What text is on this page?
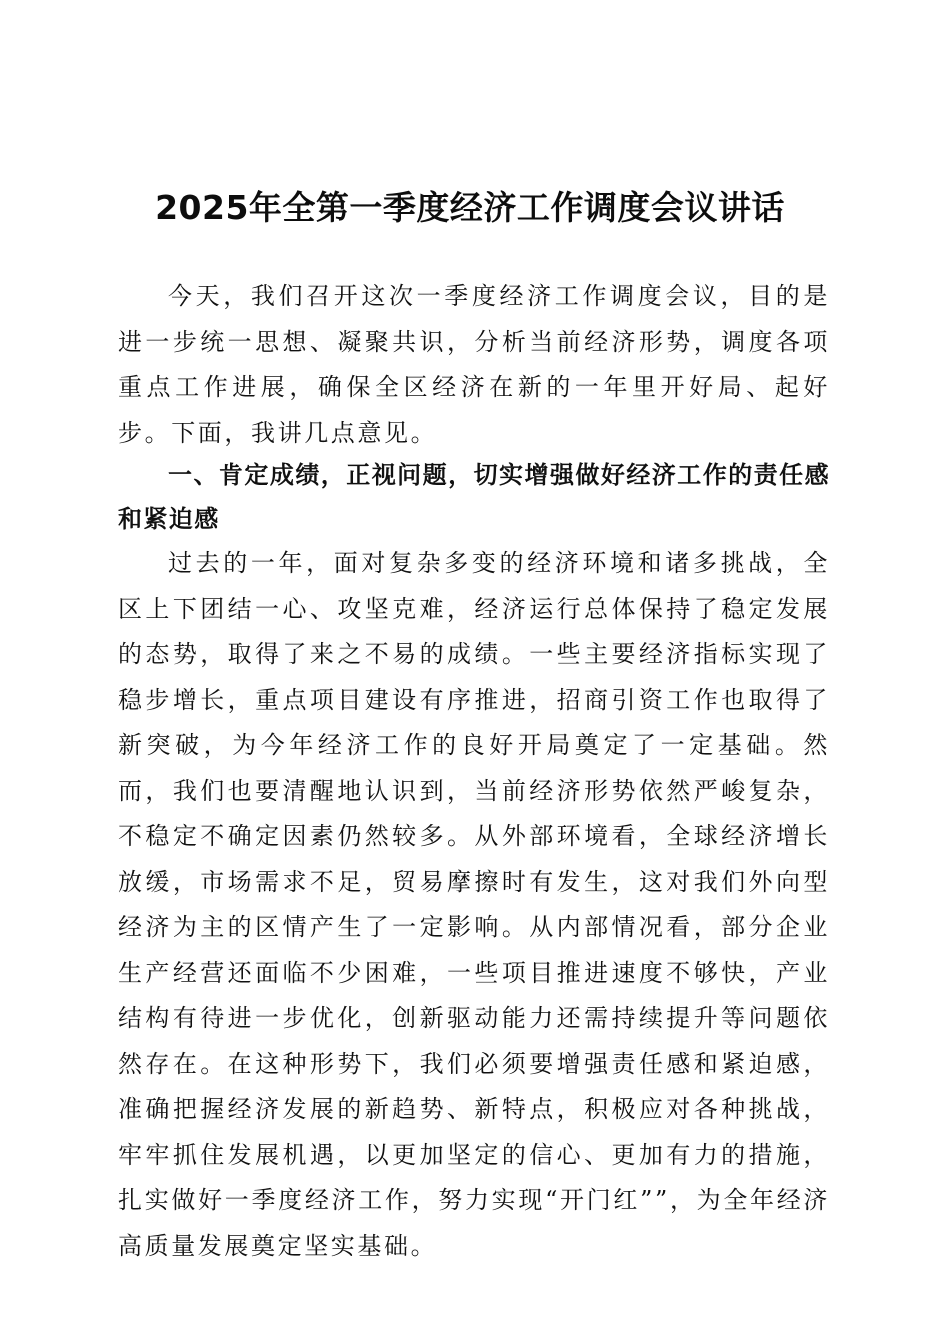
2025年全第一季度经济工作调度会议讲话

今天，我们召开这次一季度经济工作调度会议，目的是进一步统一思想、凝聚共识，分析当前经济形势，调度各项重点工作进展，确保全区经济在新的一年里开好局、起好步。下面，我讲几点意见。

一、肯定成绩，正视问题，切实增强做好经济工作的责任感和紧迫感

过去的一年，面对复杂多变的经济环境和诸多挑战，全区上下团结一心、攻坚克难，经济运行总体保持了稳定发展的态势，取得了来之不易的成绩。一些主要经济指标实现了稳步增长，重点项目建设有序推进，招商引资工作也取得了新突破，为今年经济工作的良好开局奠定了一定基础。然而，我们也要清醒地认识到，当前经济形势依然严峻复杂，不稳定不确定因素仍然较多。从外部环境看，全球经济增长放缓，市场需求不足，贸易摩擦时有发生，这对我们外向型经济为主的区情产生了一定影响。从内部情况看，部分企业生产经营还面临不少困难，一些项目推进速度不够快，产业结构有待进一步优化，创新驱动能力还需持续提升等问题依然存在。在这种形势下，我们必须要增强责任感和紧迫感，准确把握经济发展的新趋势、新特点，积极应对各种挑战，牢牢抓住发展机遇，以更加坚定的信心、更加有力的措施，扎实做好一季度经济工作，努力实现“开门红””，为全年经济高质量发展奠定坚实基础。
